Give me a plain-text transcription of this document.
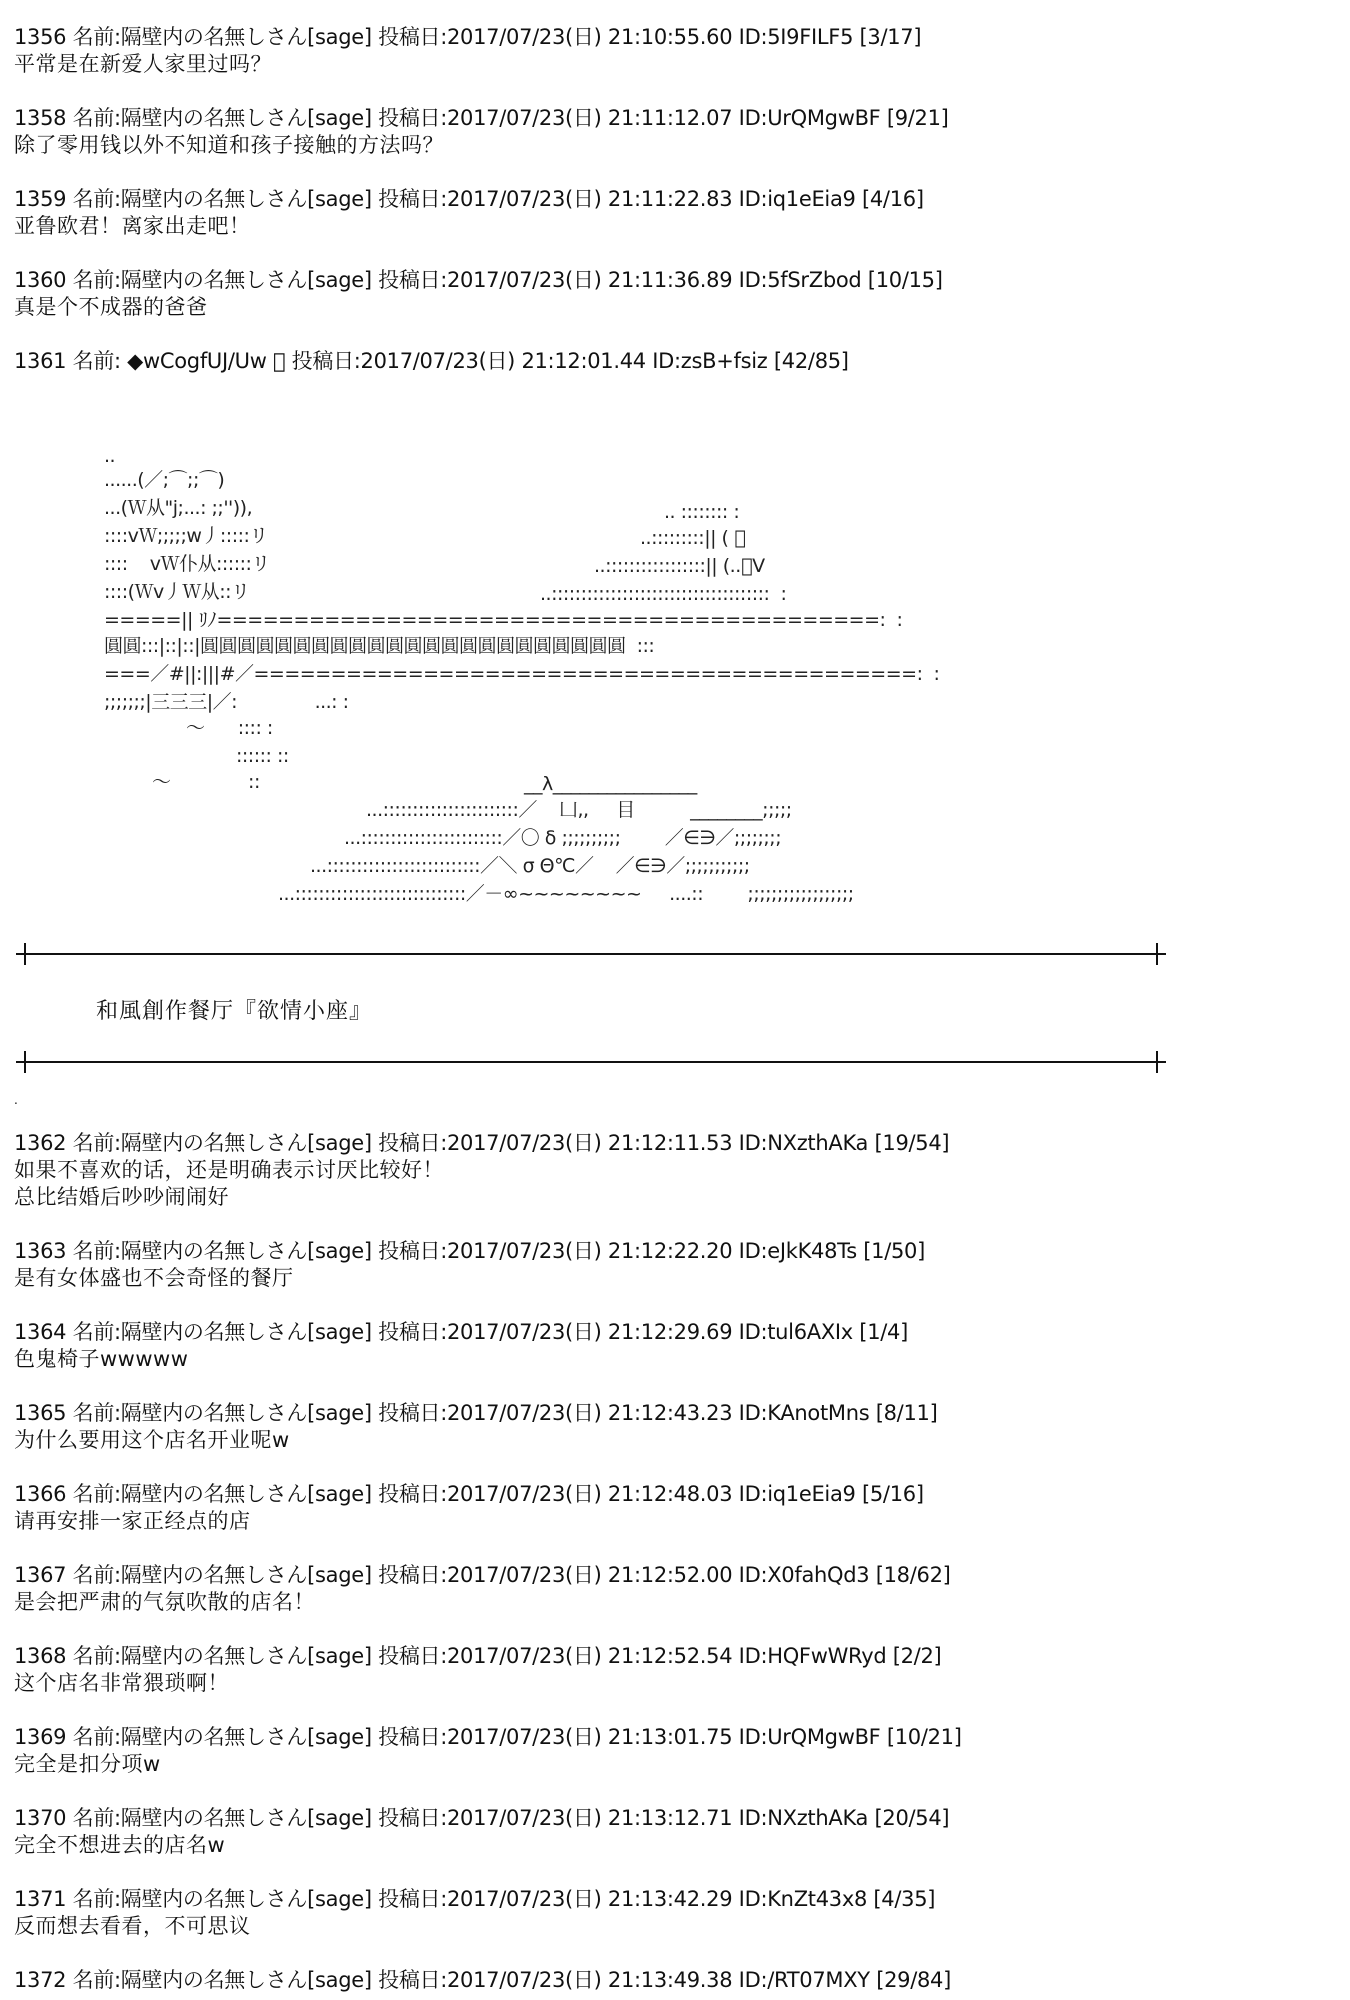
1356 名前:隔壁内の名無しさん[sage] 投稿日:2017/07/23(日) 21:10:55.60 ID:5I9FILF5 [3/17]
平常是在新爱人家里过吗？
1358 名前:隔壁内の名無しさん[sage] 投稿日:2017/07/23(日) 21:11:12.07 ID:UrQMgwBF [9/21]
除了零用钱以外不知道和孩子接触的方法吗？
1359 名前:隔壁内の名無しさん[sage] 投稿日:2017/07/23(日) 21:11:22.83 ID:iq1eEia9 [4/16]
亚鲁欧君！离家出走吧！
1360 名前:隔壁内の名無しさん[sage] 投稿日:2017/07/23(日) 21:11:36.89 ID:5fSrZbod [10/15]
真是个不成器的爸爸
1361 名前: ◆wCogfUJ/Uw ￿ 投稿日:2017/07/23(日) 21:12:01.44 ID:zsB+fsiz [42/85]
..
......(／;⌒;;⌒)
...(Ｗ从"j;...: ;;'')),
::::vＷ;;;;;w丿:::::リ
::::    vＷ仆从::::::リ
::::(Ｗv丿Ｗ从::リ
=====|| ﾘﾉ===========================================:  :
圓圓:::|::|::|圓圓圓圓圓圓圓圓圓圓圓圓圓圓圓圓圓圓圓圓圓圓圓  :::
===／#||:|||#／===========================================:  :
;;;;;;;|三三三|／:              ...: :
～      :::: :
:::::: ::
～              ::
.. :::::::: :
..:::::::::|| ( ﾟ
..:::::::::::::::::|| (..ﾟV
..:::::::::::::::::::::::::::::::::::::  :
__λ________________
...:::::::::::::::::::::::／    凵,,     目          ________;;;;;
...::::::::::::::::::::::::／〇 δ ;;;;;;;;;;        ／∈∋／;;;;;;;;
...::::::::::::::::::::::::::／＼ σ Θ℃／    ／∈∋／;;;;;;;;;;;
...:::::::::::::::::::::::::::::／－∞~~~~~~~~     ....::        ;;;;;;;;;;;;;;;;;;
和風創作餐厅『欲情小座』
.
1362 名前:隔壁内の名無しさん[sage] 投稿日:2017/07/23(日) 21:12:11.53 ID:NXzthAKa [19/54]
如果不喜欢的话，还是明确表示讨厌比较好！
总比结婚后吵吵闹闹好
1363 名前:隔壁内の名無しさん[sage] 投稿日:2017/07/23(日) 21:12:22.20 ID:eJkK48Ts [1/50]
是有女体盛也不会奇怪的餐厅
1364 名前:隔壁内の名無しさん[sage] 投稿日:2017/07/23(日) 21:12:29.69 ID:tul6AXIx [1/4]
色鬼椅子wwwww
1365 名前:隔壁内の名無しさん[sage] 投稿日:2017/07/23(日) 21:12:43.23 ID:KAnotMns [8/11]
为什么要用这个店名开业呢w
1366 名前:隔壁内の名無しさん[sage] 投稿日:2017/07/23(日) 21:12:48.03 ID:iq1eEia9 [5/16]
请再安排一家正经点的店
1367 名前:隔壁内の名無しさん[sage] 投稿日:2017/07/23(日) 21:12:52.00 ID:X0fahQd3 [18/62]
是会把严肃的气氛吹散的店名！
1368 名前:隔壁内の名無しさん[sage] 投稿日:2017/07/23(日) 21:12:52.54 ID:HQFwWRyd [2/2]
这个店名非常猥琐啊！
1369 名前:隔壁内の名無しさん[sage] 投稿日:2017/07/23(日) 21:13:01.75 ID:UrQMgwBF [10/21]
完全是扣分项w
1370 名前:隔壁内の名無しさん[sage] 投稿日:2017/07/23(日) 21:13:12.71 ID:NXzthAKa [20/54]
完全不想进去的店名w
1371 名前:隔壁内の名無しさん[sage] 投稿日:2017/07/23(日) 21:13:42.29 ID:KnZt43x8 [4/35]
反而想去看看，不可思议
1372 名前:隔壁内の名無しさん[sage] 投稿日:2017/07/23(日) 21:13:49.38 ID:/RT07MXY [29/84]
